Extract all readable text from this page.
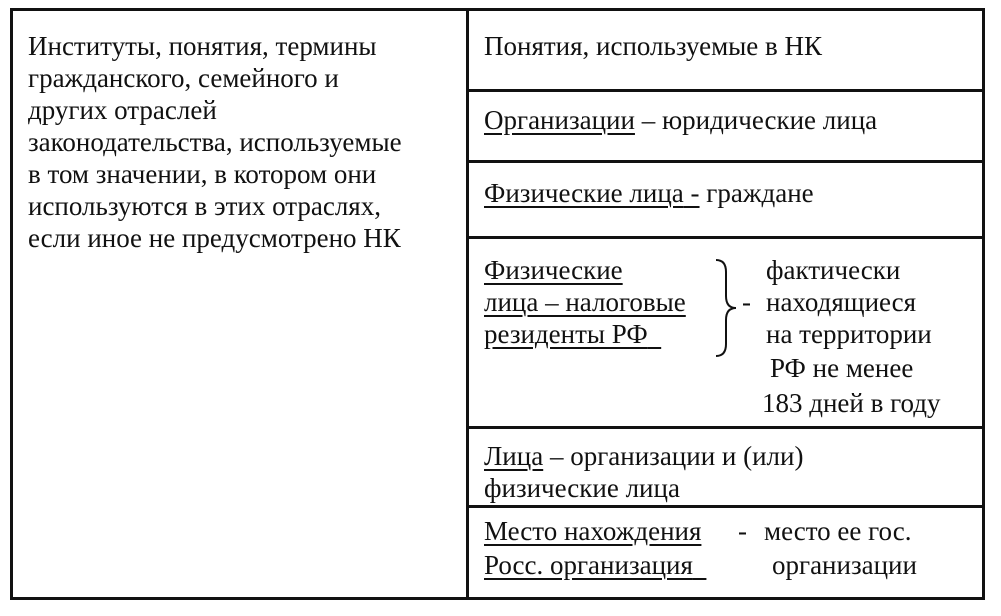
Институты, понятия, термины
гражданского, семейного и
других отраслей
законодательства, используемые
в том значении, в котором они
используются в этих отраслях,
если иное не предусмотрено НК
Понятия, используемые в НК
Организации – юридические лица
Физические лица - граждане
Физические
лица – налоговые
резиденты РФ
-
фактически
находящиеся
на территории
РФ не менее
183 дней в году
Лица – организации и (или)
физические лица
Место нахождения
Росс. организация
- место ее гос.
организации
